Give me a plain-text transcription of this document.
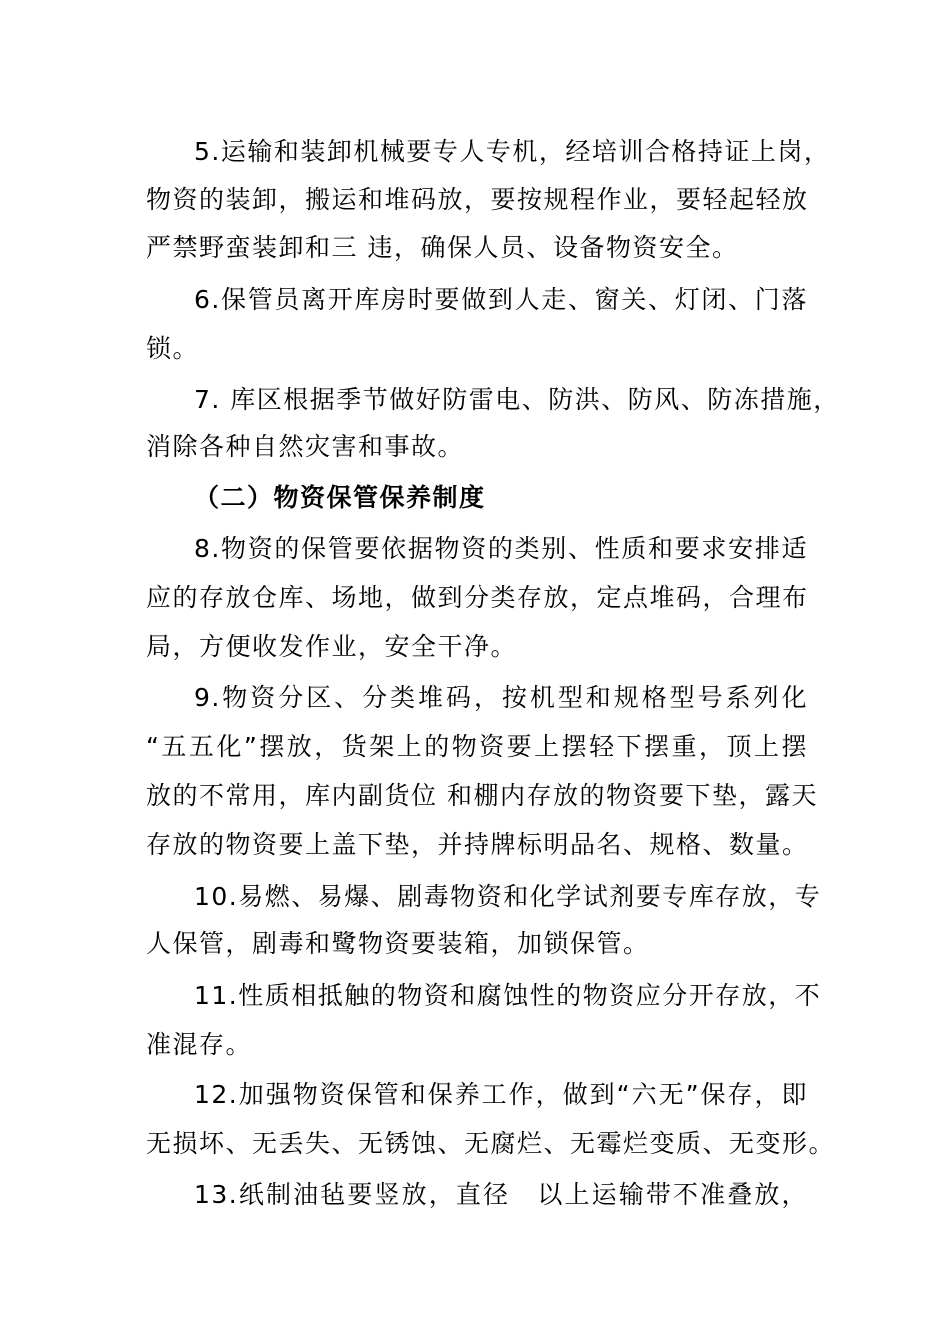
5.运输和装卸机械要专人专机，经培训合格持证上岗，
物资的装卸，搬运和堆码放，要按规程作业，要轻起轻放
严禁野蛮装卸和三 违，确保人员、设备物资安全。
6.保管员离开库房时要做到人走、窗关、灯闭、门落
锁。
7. 库区根据季节做好防雷电、防洪、防风、防冻措施，
消除各种自然灾害和事故。
（二）物资保管保养制度
8.物资的保管要依据物资的类别、性质和要求安排适
应的存放仓库、场地，做到分类存放，定点堆码，合理布
局，方便收发作业，安全干净。
9.物资分区、分类堆码，按机型和规格型号系列化
“五五化”摆放，货架上的物资要上摆轻下摆重，顶上摆
放的不常用，库内副货位 和棚内存放的物资要下垫，露天
存放的物资要上盖下垫，并持牌标明品名、规格、数量。
10.易燃、易爆、剧毒物资和化学试剂要专库存放，专
人保管，剧毒和鹭物资要装箱，加锁保管。
11.性质相抵触的物资和腐蚀性的物资应分开存放，不
准混存。
12.加强物资保管和保养工作，做到“六无”保存，即
无损坏、无丢失、无锈蚀、无腐烂、无霉烂变质、无变形。
13.纸制油毡要竖放，直径　以上运输带不准叠放，
